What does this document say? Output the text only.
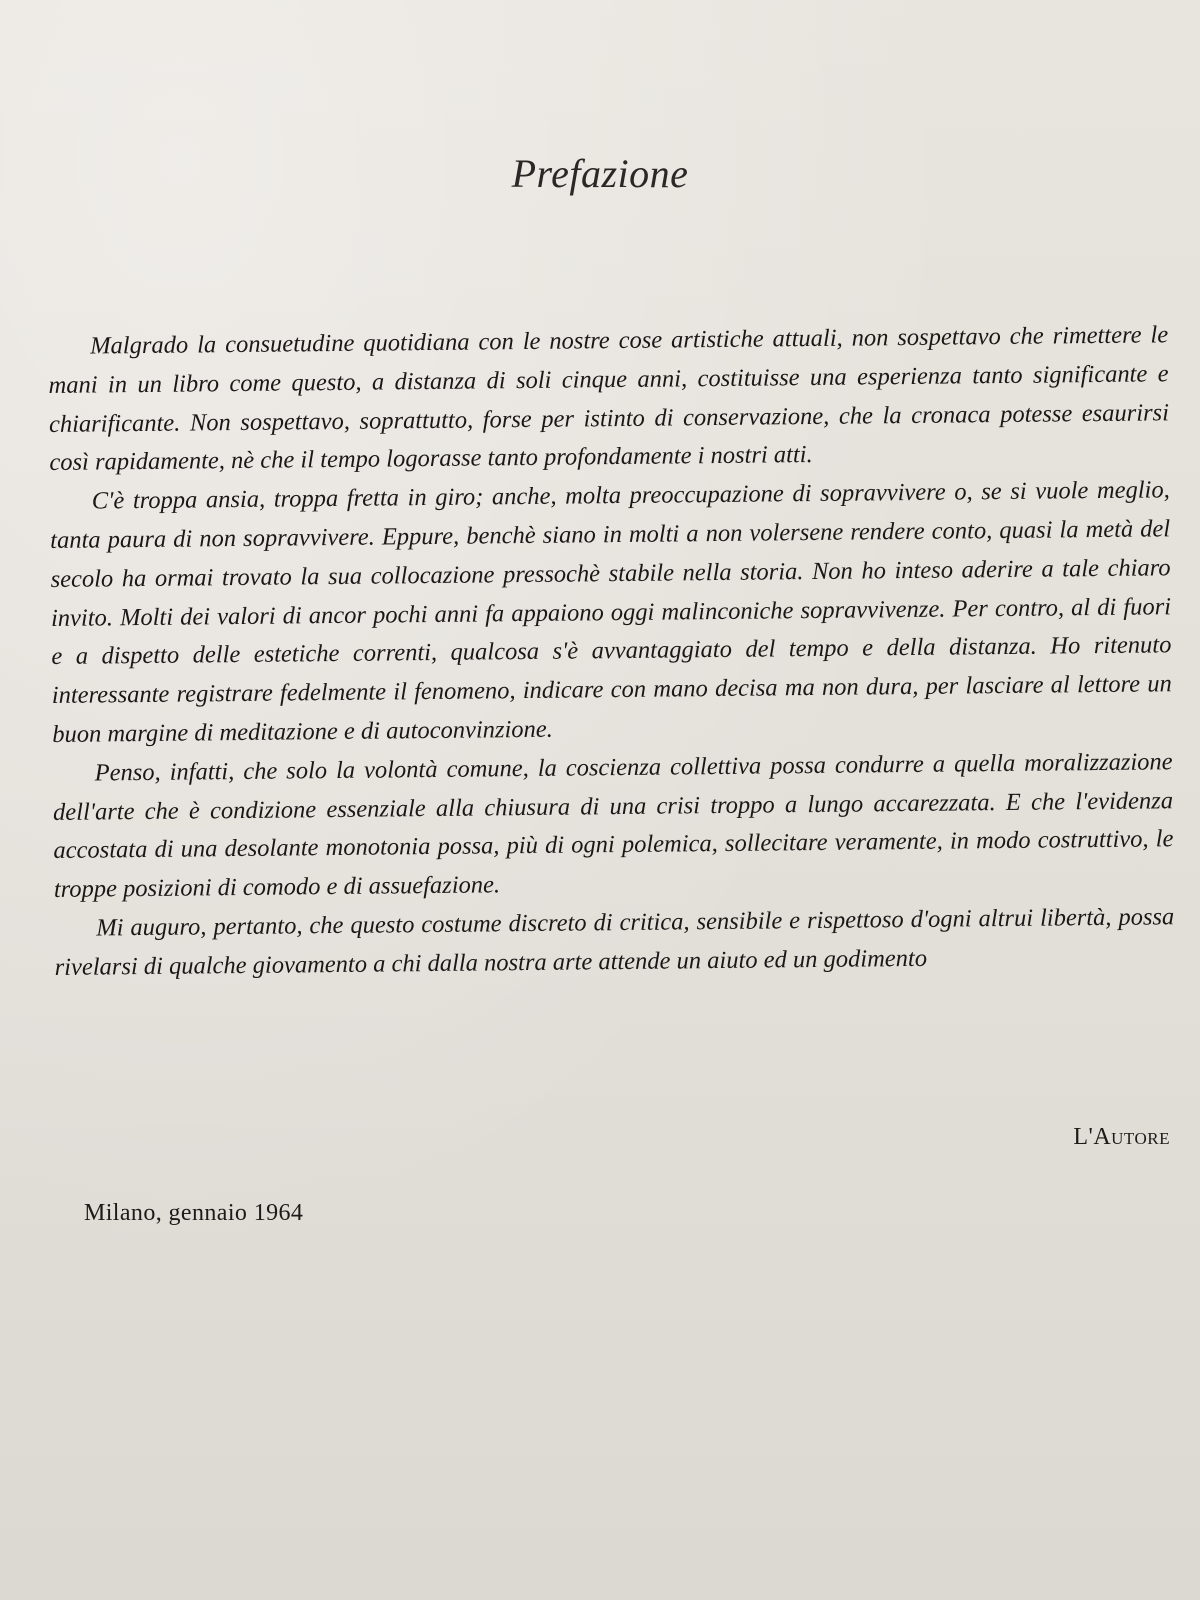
Prefazione

Malgrado la consuetudine quotidiana con le nostre cose artistiche attuali, non sospettavo che rimettere le mani in un libro come questo, a distanza di soli cinque anni, costituisse una esperienza tanto significante e chiarificante. Non sospettavo, soprattutto, forse per istinto di conservazione, che la cronaca potesse esaurirsi così rapidamente, nè che il tempo logorasse tanto profondamente i nostri atti.

C'è troppa ansia, troppa fretta in giro; anche, molta preoccupazione di sopravvivere o, se si vuole meglio, tanta paura di non sopravvivere. Eppure, benchè siano in molti a non volersene rendere conto, quasi la metà del secolo ha ormai trovato la sua collocazione pressochè stabile nella storia. Non ho inteso aderire a tale chiaro invito. Molti dei valori di ancor pochi anni fa appaiono oggi malinconiche sopravvivenze. Per contro, al di fuori e a dispetto delle estetiche correnti, qualcosa s'è avvantaggiato del tempo e della distanza. Ho ritenuto interessante registrare fedelmente il fenomeno, indicare con mano decisa ma non dura, per lasciare al lettore un buon margine di meditazione e di autoconvinzione.

Penso, infatti, che solo la volontà comune, la coscienza collettiva possa condurre a quella moralizzazione dell'arte che è condizione essenziale alla chiusura di una crisi troppo a lungo accarezzata. E che l'evidenza accostata di una desolante monotonia possa, più di ogni polemica, sollecitare veramente, in modo costruttivo, le troppe posizioni di comodo e di assuefazione.

Mi auguro, pertanto, che questo costume discreto di critica, sensibile e rispettoso d'ogni altrui libertà, possa rivelarsi di qualche giovamento a chi dalla nostra arte attende un aiuto ed un godimento

L'Autore
Milano, gennaio 1964
